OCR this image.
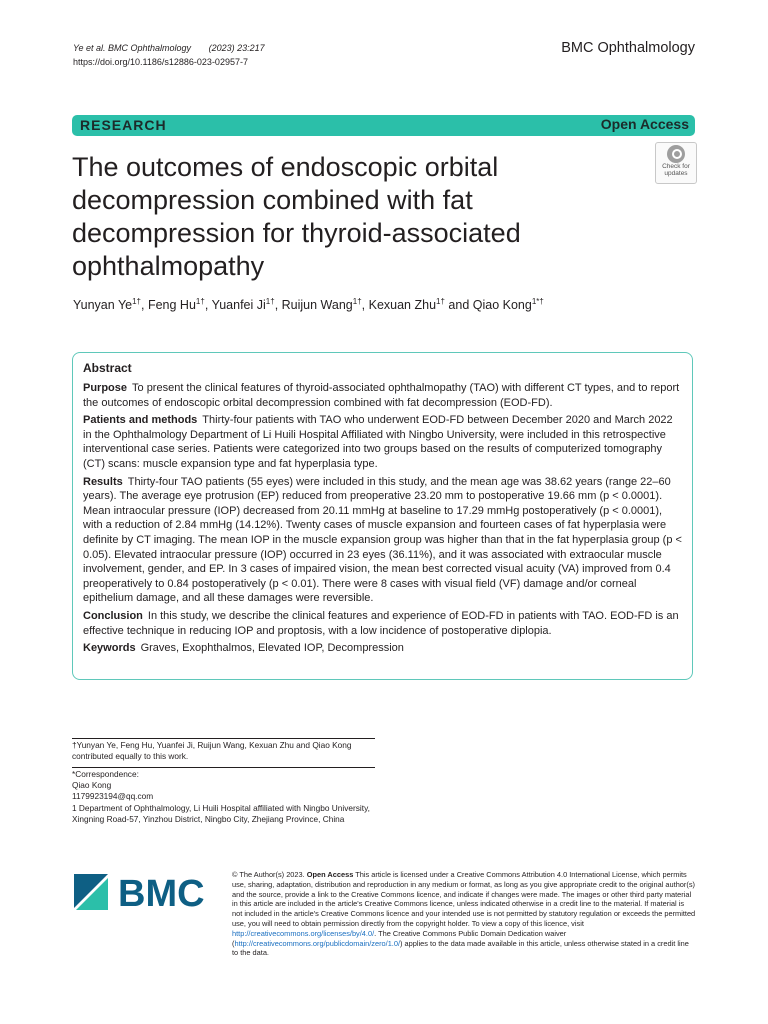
Ye et al. BMC Ophthalmology (2023) 23:217
https://doi.org/10.1186/s12886-023-02957-7
BMC Ophthalmology
RESEARCH	Open Access
The outcomes of endoscopic orbital decompression combined with fat decompression for thyroid-associated ophthalmopathy
Check for
updates
Yunyan $Ye^{1\dagger}$, Feng $Hu^{1\dagger}$, Yuanfei $Ji^{1\dagger}$, Ruijun Wang$^{1\dagger}$, Kexuan Zhu$^{1\dagger}$ and Qiao Kong$^{1*\dagger}$
Abstract

Purpose To present the clinical features of thyroid-associated ophthalmopathy (TAO) with different CT types, and to report the outcomes of endoscopic orbital decompression combined with fat decompression (EOD-FD).

Patients and methods Thirty-four patients with TAO who underwent EOD-FD between December 2020 and March 2022 in the Ophthalmology Department of Li Huili Hospital Affiliated with Ningbo University, were included in this retrospective interventional case series. Patients were categorized into two groups based on the results of computerized tomography (CT) scans: muscle expansion type and fat hyperplasia type.

Results Thirty-four TAO patients (55 eyes) were included in this study, and the mean age was 38.62 years (range 22–60 years). The average eye protrusion (EP) reduced from preoperative 23.20 mm to postoperative 19.66 mm (p < 0.0001). Mean intraocular pressure (IOP) decreased from 20.11 mmHg at baseline to 17.29 mmHg postoperatively (p < 0.0001), with a reduction of 2.84 mmHg (14.12%). Twenty cases of muscle expansion and fourteen cases of fat hyperplasia were definite by CT imaging. The mean IOP in the muscle expansion group was higher than that in the fat hyperplasia group (p < 0.05). Elevated intraocular pressure (IOP) occurred in 23 eyes (36.11%), and it was associated with extraocular muscle involvement, gender, and EP. In 3 cases of impaired vision, the mean best corrected visual acuity (VA) improved from 0.4 preoperatively to 0.84 postoperatively (p < 0.01). There were 8 cases with visual field (VF) damage and/or corneal epithelium damage, and all these damages were reversible.

Conclusion In this study, we describe the clinical features and experience of EOD-FD in patients with TAO. EOD-FD is an effective technique in reducing IOP and proptosis, with a low incidence of postoperative diplopia.

Keywords Graves, Exophthalmos, Elevated IOP, Decompression

†Yunyan Ye, Feng Hu, Yuanfei Ji, Ruijun Wang, Kexuan Zhu and Qiao Kong contributed equally to this work.
*Correspondence:
Qiao Kong
1179923194@qq.com
1 Department of Ophthalmology, Li Huili Hospital affiliated with Ningbo University, Xingning Road-57, Yinzhou District, Ningbo City, Zhejiang Province, China
BMC	© The Author(s) 2023. Open Access This article is licensed under a Creative Commons Attribution 4.0 International License, which permits use, sharing, adaptation, distribution and reproduction in any medium or format, as long as you give appropriate credit to the original author(s) and the source, provide a link to the Creative Commons licence, and indicate if changes were made. The images or other third party material in this article are included in the article's Creative Commons licence, unless indicated otherwise in a credit line to the material. If material is not included in the article's Creative Commons licence and your intended use is not permitted by statutory regulation or exceeds the permitted use, you will need to obtain permission directly from the copyright holder. To view a copy of this licence, visit http://creativecommons.org/licenses/by/4.0/. The Creative Commons Public Domain Dedication waiver (http://creativecommons.org/publicdomain/zero/1.0/) applies to the data made available in this article, unless otherwise stated in a credit line to the data.
